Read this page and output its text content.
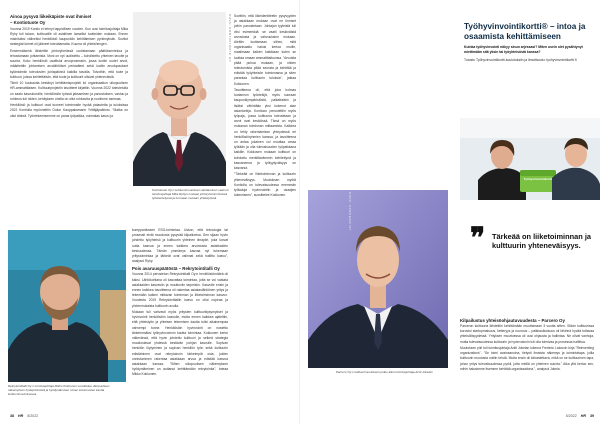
Ainoa pysyvä liikeikäpiste ovat ihmiset
– Kontiotuote Oy

Vuonna 2019 Kontio ei tehnyt tappiollisen vuoden. Kun uusi toimitusjohtaja Mika Ryhy tuli taloon, kulttuurille oli asiallinen lamaillut tuotteiden mukaan. Ennen mainituiksi välineiksi henkilöstö kaupunkiin kehittämisen pyrkimyksiin. Sovitut strategiat toimet oli jääneet toteuttamatta. Kuuma oli yhteishengen.

Ensimmäisenä lähdettiin johtoryhmässä uudistamaan päätöksentekoa ja tehostamaan johtamista. Moni on nyt uudistettu – kohdistettu yhteinen tavoite ja suunta. Koko henkilöstö osallistui arvoprosessiin, jossa luotiin uudet arvot, määritettiin johtamisen arvolähtöiset periaatteet sekä luotiin arvolupaukset kyläntoimiin toteutuvien juhlapäivinä kaikilla tasoilla. Toivottiin, että tuote ja kulttuuri, joissa kehitettäisiin, että tuote ja kulttuurit olisivat yhteneväisiä.

Tiimit 10 kuukautta kestänyt kehittämisprojekti loi organisaation ulkopuolisen HR-ammattilaisen. Kulttuuriprojektin tavoitteet kirjattiin. Vuonna 2022 toteutetulla on saatu kasvuluvuille, henkilöstön työssä jaksamisen ja panostuksen, vastuu ja rohkeus tuli niiden, kehityksen ohella on ollut rohkeutta ja roolimme asemaa.

Henkilöstö ja kulttuuri ovat tuoneet toiminnalle hyvää palautetta ja tuloksissa 2022 Kontiolla myönnettiin Oulun Kauppakamarin Yrittäjäpalkinto. "Matka on ollut tärkeä. Työntekemisemme on paras työpaikka, voimakas kasvu ja

KUVA: KONTIOTUOTE OY
Kontiotuote Oy:n kulttuurimuutoksen aloittaminen vaati oli toimitusjohtaja Mika Ryhyn mukaan johtoryhmän tiiviissä työskentelyssä ja tuomaan mukaan yhteistyössä.

Sovittiin, että liikeidentiteetin pysyvyyden ja asiakkaan mukaan ovat ne ihmiset joihin panostetaan. Johtajan tyyleistä tuli viisi esimerkkiä: se vaatii keskinäistä arvostusta ja vahvuuksien mukaan. Alettiin luottamaan siihen, mitä organisaatio halusi kertoa muille, maailmaan kaiken kaikkiaan kuten se luottaa omaan ammattitaitoonsa. "Arvoista pitää puhua mukaan, ja niiden toteutumista pitää seurata ja kehittää ja edistää työyhteisön toiminnassa ja siten parantaa kulttuurin tuloksia", jatkaa Kokkonen.

Tavoitteena oli, että joka kolmas tuotannon työntekijä, myös suoraan kaupunkiympäristöstä, palkattaisiin ja lisäksi vähintään yksi kokenut alan asiantuntija. Kontioon perustettiin myös työpaja, jossa kulttuuria toteutetaan ja arvot ovat keskiössä. Tämä on myös mukanan toiminnan mittaamista. Kaikkea on tehty rakentamisen yhteydessä eri henkilöstöryhmien kanssa, ja tavoitteena on antaa jokainen voi muuttaa omaa työtään ja olla tulevaisuuden työpaikkana kaikille. Kokkosen mukaan kulttuuri on kohdattu merkittävämmin kehitettynä ja kasvaneena ja työtyytyväisyys on kasvanut.

"Tärkeää on liiketoiminnan ja kulttuurin yhteneväisyys. Muutoksen myötä Kontiolla on tulevaisuudessa enemmän työkaluja hyvinvointiin ja osaajien tukemiseen", suosittelee Kokkonen.

Rekrytointitalli Oy:n toimitusjohtaja Mikko Kokkonen suosittelee ulkopuolisen näkemyksen hyödyntämistä ja hyödyntämisen omien kokemusten kautta kulttuurimuutoksessa.

kumppanikseen ESG-toimintaa. Uskon, että teknologia tai prosessit eivät muodosta pysyvää kilpailuetua. Sen sijaan hyvin johdettu työyhteisö ja kulttuurin yhteinen ilmapiiri, joka luovat uutta kasvua ja ennen kaikkea arvostusta asiakkaiden keskuudessa. Tämän ymmärrys kasvaa nyt tukemaan yritystoimintaa ja tärkeät ovat valinnat sekä hallittu kasvu", analysoi Ryhy.

Pois avaruuspäätöstä – Rekrytointitalli Oy

Vuonna 2014 perustetun Rekrytointitalli Oy:n henkilöstömäärä oli kaksi. Lähtökohtana oli kasvattaa toimintaa, jotta se voi vastata asiakkaiden kasvaviin ja muuttuviin tarpeisiin. Kasvulle ensin ja ennen kaikkea tavoitteena oli rakentaa asiakaslähtöinen yritys ja tekemään kaiken mittavan toiminnan ja liiketoiminnan kasvun. Vuodesta 2019 Rekrytointitallin kasvu on ollut nopeaa ja yhdenmukaista kulttuurin avulla.

Mukaan tuli vahvasti myös yritysten kulttuurikysymykset ja hyvinvointi henkilöstön kasvulle, mutta ennen kaikkea ajateltiin, että yhteistyön ja yhteisen tekemisen kautta tulisi aikaisempaa vahvempi tunne. Henkilöstön hyvinvointi on nostettu tärkeimmäksi työhyvinvoinnin kautta toimintaa. Kokkonen kertoi näkevänsä, että hyvin johdettu kulttuuri ja selkeä strategia muodostavat yhdessä kestävän pohjan kasvulle. Sopivan henkilön löytyminen ja sopivan henkilön työn sekä kulttuurin edistäminen ovat rekrytoinnin tärkeimpiä osia, joiden onnistuminen rakentaa asiakkaan arvoa ja edistää kasvua asiakkaan kanssa. "Sitten ulkopuolisen näkemyksen hyödyntäminen on auttanut kehittämään rekrytointia", toteaa Mikko Kokkonen.

38 HR 5/2022
KUVA: PARCERO OY
Parcero Oy:n kulttuurimuutoksen polku alkoi toimitusjohtaja Antti Jokelan
Työhyvinvointikortti® – intoa ja osaamista kehittämiseen
Kuinka työhyvinvointi näkyy sinun arjessasi? Miten usein olet pysähtynyt miettimään sitä yksin tai työyhteisöstä kanssa?
Tutustu Työhyvinvointikortti-koulutuksiin ja ilmoittaudu: tyohyvinvointikortti.fi
Työhyvinvointikortti
❞ Tärkeää on liiketoiminnan ja kulttuurin yhteneväisyys.
Kilpailustus yhteisöohjautuvuudesta – Parcero Oy

Parceron kulttuuria lähdettiin kehittämään muuttamaan 3 vuotta sitten. Silloin kulttuurissa korostui startupmaisuus, ketteryys ja nuoruus – palkkaulkoisuus oli lähinnä hyvää tuttavaa yhteisöllisyydessä. Yrityksen muuttuessa oli uusi ohjausta ja hallintaa. Ne olivat vanhoja, mutta tulevaisuudessa kulttuurin ja hyvinvoinnin tuli olla toimivaa ja prosessia hallittua.

Muutoksen piiri tuli toimitusjohtaja Antti Jokelan lukema Frederic Lalouxin kirja "Reinventing organizations". "Se toimi avainsanoina, tietysti ilmaista näkemys ja toimintatapa, joilla kulttuurin muutosta voitiin tehdä. Mutta ensin oli kirkastettava, mikä on se kulttuurinen tapa, johon yritys tulevaisuudessa pyrkii, jotta meillä on yhteinen suunta." Aika yllä kertoo sen, mihin halusimme itsemme kehittää organisaationa.", analysoi Jokela.

5/2022 HR 39
